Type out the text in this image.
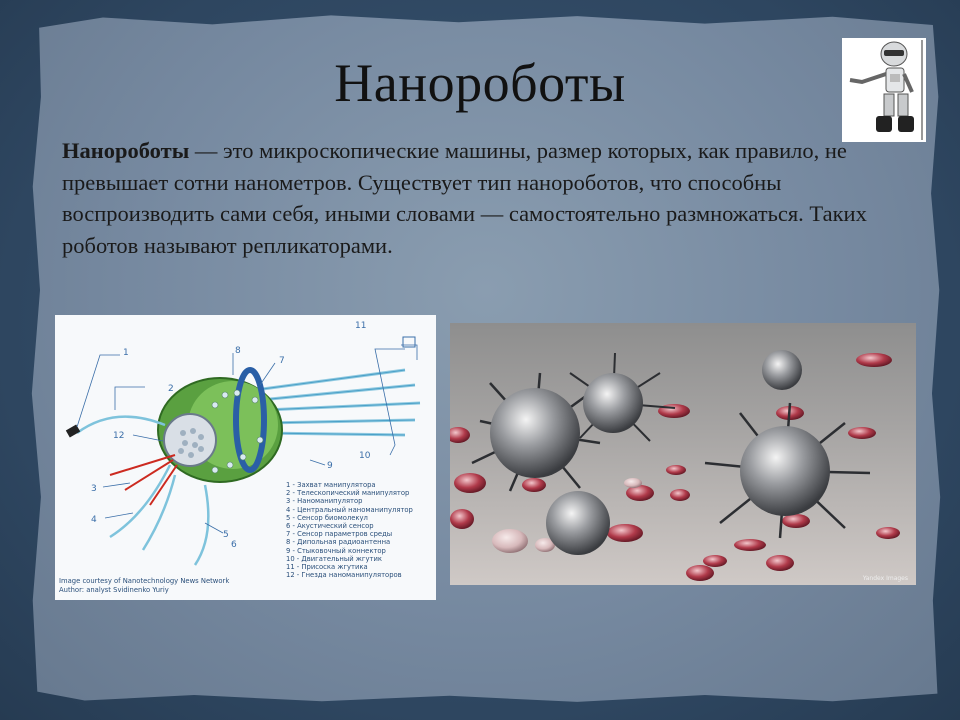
Нанороботы
Нанороботы — это микроскопические машины, размер которых, как правило, не превышает сотни нанометров. Существует тип нанороботов, что способны воспроизводить сами себя, иными словами — самостоятельно размножаться. Таких роботов называют репликаторами.
1
2
3
4
5
6
7
8
9
10
11
12
1 - Захват манипулятора
2 - Телескопический манипулятор
3 - Наноманипулятор
4 - Центральный наноманипулятор
5 - Сенсор биомолекул
6 - Акустический сенсор
7 - Сенсор параметров среды
8 - Дипольная радиоантенна
9 - Стыковочный коннектор
10 - Двигательный жгутик
11 - Присоска жгутика
12 - Гнезда наноманипуляторов
Image courtesy of Nanotechnology News Network
Author: analyst Svidinenko Yuriy
Yandex Images
